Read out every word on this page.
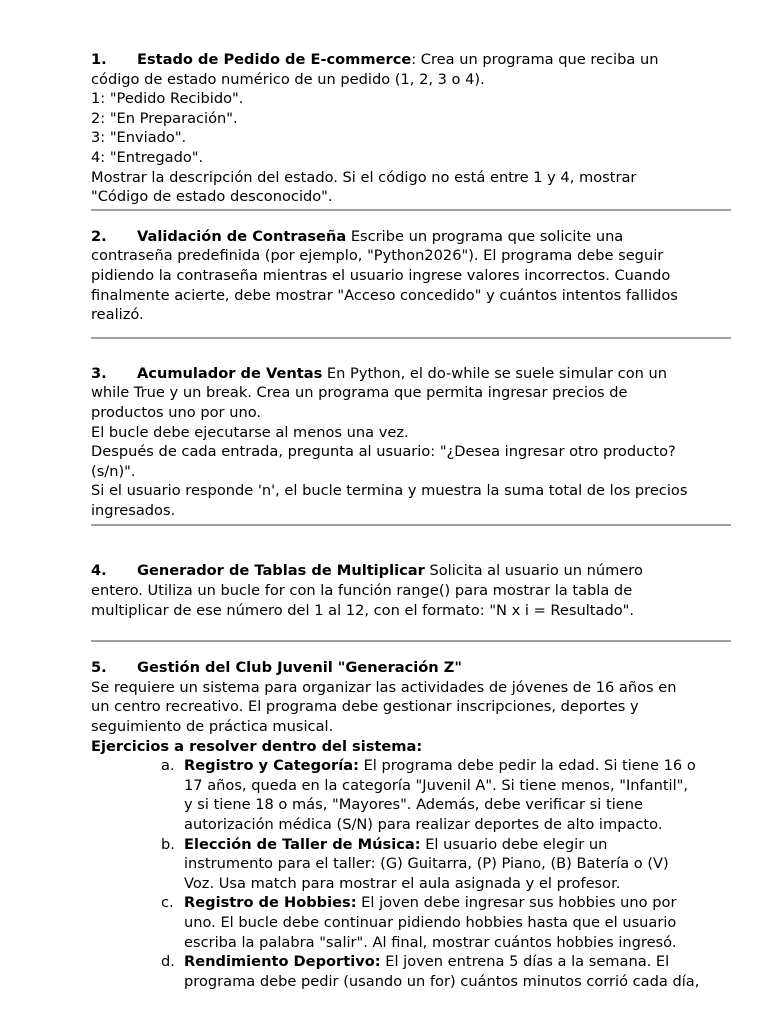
1. Estado de Pedido de E-commerce: Crea un programa que reciba un
código de estado numérico de un pedido (1, 2, 3 o 4).
1: "Pedido Recibido".
2: "En Preparación".
3: "Enviado".
4: "Entregado".
Mostrar la descripción del estado. Si el código no está entre 1 y 4, mostrar
"Código de estado desconocido".
2. Validación de Contraseña Escribe un programa que solicite una
contraseña predefinida (por ejemplo, "Python2026"). El programa debe seguir
pidiendo la contraseña mientras el usuario ingrese valores incorrectos. Cuando
finalmente acierte, debe mostrar "Acceso concedido" y cuántos intentos fallidos
realizó.
3. Acumulador de Ventas En Python, el do-while se suele simular con un
while True y un break. Crea un programa que permita ingresar precios de
productos uno por uno.
El bucle debe ejecutarse al menos una vez.
Después de cada entrada, pregunta al usuario: "¿Desea ingresar otro producto?
(s/n)".
Si el usuario responde 'n', el bucle termina y muestra la suma total de los precios
ingresados.
4. Generador de Tablas de Multiplicar Solicita al usuario un número
entero. Utiliza un bucle for con la función range() para mostrar la tabla de
multiplicar de ese número del 1 al 12, con el formato: "N x i = Resultado".
5. Gestión del Club Juvenil "Generación Z"
Se requiere un sistema para organizar las actividades de jóvenes de 16 años en
un centro recreativo. El programa debe gestionar inscripciones, deportes y
seguimiento de práctica musical.
Ejercicios a resolver dentro del sistema:
a. Registro y Categoría: El programa debe pedir la edad. Si tiene 16 o
17 años, queda en la categoría "Juvenil A". Si tiene menos, "Infantil",
y si tiene 18 o más, "Mayores". Además, debe verificar si tiene
autorización médica (S/N) para realizar deportes de alto impacto.
b. Elección de Taller de Música: El usuario debe elegir un
instrumento para el taller: (G) Guitarra, (P) Piano, (B) Batería o (V)
Voz. Usa match para mostrar el aula asignada y el profesor.
c. Registro de Hobbies: El joven debe ingresar sus hobbies uno por
uno. El bucle debe continuar pidiendo hobbies hasta que el usuario
escriba la palabra "salir". Al final, mostrar cuántos hobbies ingresó.
d. Rendimiento Deportivo: El joven entrena 5 días a la semana. El
programa debe pedir (usando un for) cuántos minutos corrió cada día,
